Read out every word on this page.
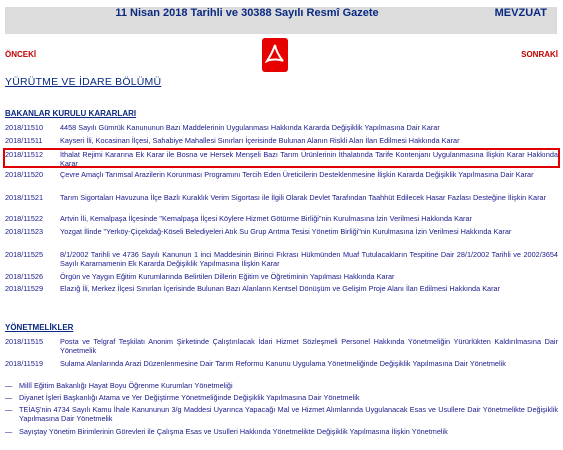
11 Nisan 2018 Tarihli ve 30388 Sayılı Resmî Gazete	MEVZUAT
ÖNCEKİ	SONRAKİ
YÜRÜTME VE İDARE BÖLÜMÜ
BAKANLAR KURULU KARARLARI
2018/11510	4458 Sayılı Gümrük Kanununun Bazı Maddelerinin Uygulanması Hakkında Kararda Değişiklik Yapılmasına Dair Karar
2018/11511	Kayseri İli, Kocasinan İlçesi, Sahabiye Mahallesi Sınırları İçerisinde Bulunan Alanın Riskli Alan İlan Edilmesi Hakkında Karar
2018/11512	İthalat Rejimi Kararına Ek Karar ile Bosna ve Hersek Menşeli Bazı Tarım Ürünlerinin İthalatında Tarife Kontenjanı Uygulanmasına İlişkin Karar Hakkında Karar
2018/11520	Çevre Amaçlı Tarımsal Arazilerin Korunması Programını Tercih Eden Üreticilerin Desteklenmesine İlişkin Kararda Değişiklik Yapılmasına Dair Karar
2018/11521	Tarım Sigortaları Havuzuna İlçe Bazlı Kuraklık Verim Sigortası ile İlgili Olarak Devlet Tarafından Taahhüt Edilecek Hasar Fazlası Desteğine İlişkin Karar
2018/11522	Artvin İli, Kemalpaşa İlçesinde "Kemalpaşa İlçesi Köylere Hizmet Götürme Birliği"nin Kurulmasına İzin Verilmesi Hakkında Karar
2018/11523	Yozgat İlinde "Yerköy-Çiçekdağ-Köseli Belediyeleri Atık Su Grup Arıtma Tesisi Yönetim Birliği"nin Kurulmasına İzin Verilmesi Hakkında Karar
2018/11525	8/1/2002 Tarihli ve 4736 Sayılı Kanunun 1 inci Maddesinin Birinci Fıkrası Hükmünden Muaf Tutulacakların Tespitine Dair 28/1/2002 Tarihli ve 2002/3654 Sayılı Kararnamenin Ek Kararda Değişiklik Yapılmasına İlişkin Karar
2018/11526	Örgün ve Yaygın Eğitim Kurumlarında Belirtilen Dillerin Eğitim ve Öğretiminin Yapılması Hakkında Karar
2018/11529	Elazığ İli, Merkez İlçesi Sınırları İçerisinde Bulunan Bazı Alanların Kentsel Dönüşüm ve Gelişim Proje Alanı İlan Edilmesi Hakkında Karar
YÖNETMELİKLER
2018/11515	Posta ve Telgraf Teşkilatı Anonim Şirketinde Çalıştırılacak İdari Hizmet Sözleşmeli Personel Hakkında Yönetmeliğin Yürürlükten Kaldırılmasına Dair Yönetmelik
2018/11519	Sulama Alanlarında Arazi Düzenlenmesine Dair Tarım Reformu Kanunu Uygulama Yönetmeliğinde Değişiklik Yapılmasına Dair Yönetmelik
— Millî Eğitim Bakanlığı Hayat Boyu Öğrenme Kurumları Yönetmeliği
— Diyanet İşleri Başkanlığı Atama ve Yer Değiştirme Yönetmeliğinde Değişiklik Yapılmasına Dair Yönetmelik
— TEİAŞ'nin 4734 Sayılı Kamu İhale Kanununun 3/g Maddesi Uyarınca Yapacağı Mal ve Hizmet Alımlarında Uygulanacak Esas ve Usullere Dair Yönetmelikte Değişiklik Yapılmasına Dair Yönetmelik
— Sayıştay Yönetim Birimlerinin Görevleri ile Çalışma Esas ve Usulleri Hakkında Yönetmelikte Değişiklik Yapılmasına İlişkin Yönetmelik
